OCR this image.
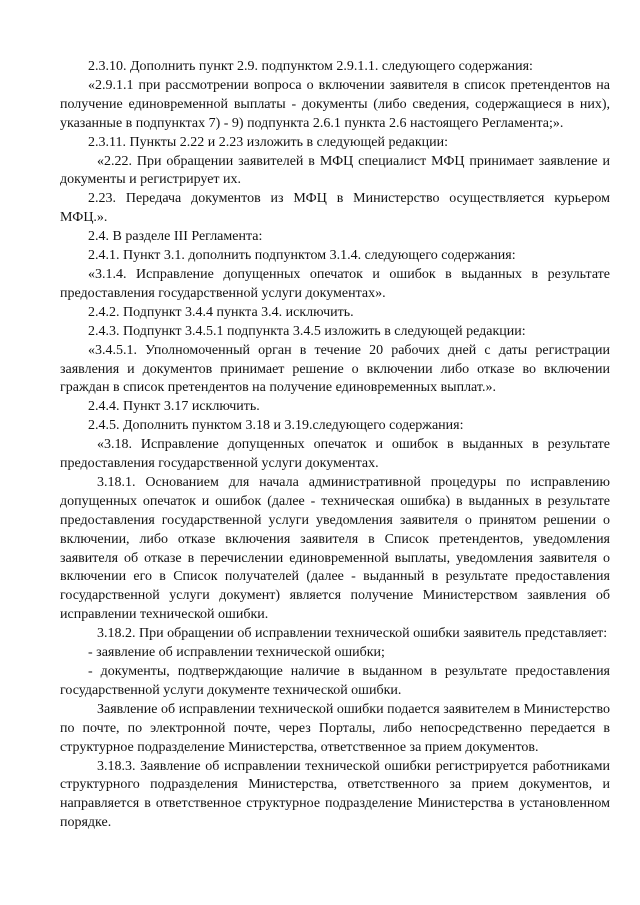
2.3.10. Дополнить пункт 2.9. подпунктом 2.9.1.1. следующего содержания:

«2.9.1.1 при рассмотрении вопроса о включении заявителя в список претендентов на получение единовременной выплаты - документы (либо сведения, содержащиеся в них), указанные в подпунктах 7) - 9) подпункта 2.6.1 пункта 2.6 настоящего Регламента;».

2.3.11. Пункты 2.22 и 2.23 изложить в следующей редакции:

«2.22. При обращении заявителей в МФЦ специалист МФЦ принимает заявление и документы и регистрирует их.

2.23. Передача документов из МФЦ в Министерство осуществляется курьером МФЦ.».

2.4. В разделе III Регламента:

2.4.1. Пункт 3.1. дополнить подпунктом 3.1.4. следующего содержания:

«3.1.4. Исправление допущенных опечаток и ошибок в выданных в результате предоставления государственной услуги документах».

2.4.2. Подпункт 3.4.4 пункта 3.4. исключить.

2.4.3. Подпункт 3.4.5.1 подпункта 3.4.5 изложить в следующей редакции:

«3.4.5.1. Уполномоченный орган в течение 20 рабочих дней с даты регистрации заявления и документов принимает решение о включении либо отказе во включении граждан в список претендентов на получение единовременных выплат.».

2.4.4. Пункт 3.17 исключить.

2.4.5. Дополнить пунктом 3.18 и 3.19.следующего содержания:

«3.18. Исправление допущенных опечаток и ошибок в выданных в результате предоставления государственной услуги документах.

3.18.1. Основанием для начала административной процедуры по исправлению допущенных опечаток и ошибок (далее - техническая ошибка) в выданных в результате предоставления государственной услуги уведомления заявителя о принятом решении о включении, либо отказе включения заявителя в Список претендентов, уведомления заявителя об отказе в перечислении единовременной выплаты, уведомления заявителя о включении его в Список получателей (далее - выданный в результате предоставления государственной услуги документ) является получение Министерством заявления об исправлении технической ошибки.

3.18.2. При обращении об исправлении технической ошибки заявитель представляет:

- заявление об исправлении технической ошибки;

- документы, подтверждающие наличие в выданном в результате предоставления государственной услуги документе технической ошибки.

Заявление об исправлении технической ошибки подается заявителем в Министерство по почте, по электронной почте, через Порталы, либо непосредственно передается в структурное подразделение Министерства, ответственное за прием документов.

3.18.3. Заявление об исправлении технической ошибки регистрируется работниками структурного подразделения Министерства, ответственного за прием документов, и направляется в ответственное структурное подразделение Министерства в установленном порядке.
